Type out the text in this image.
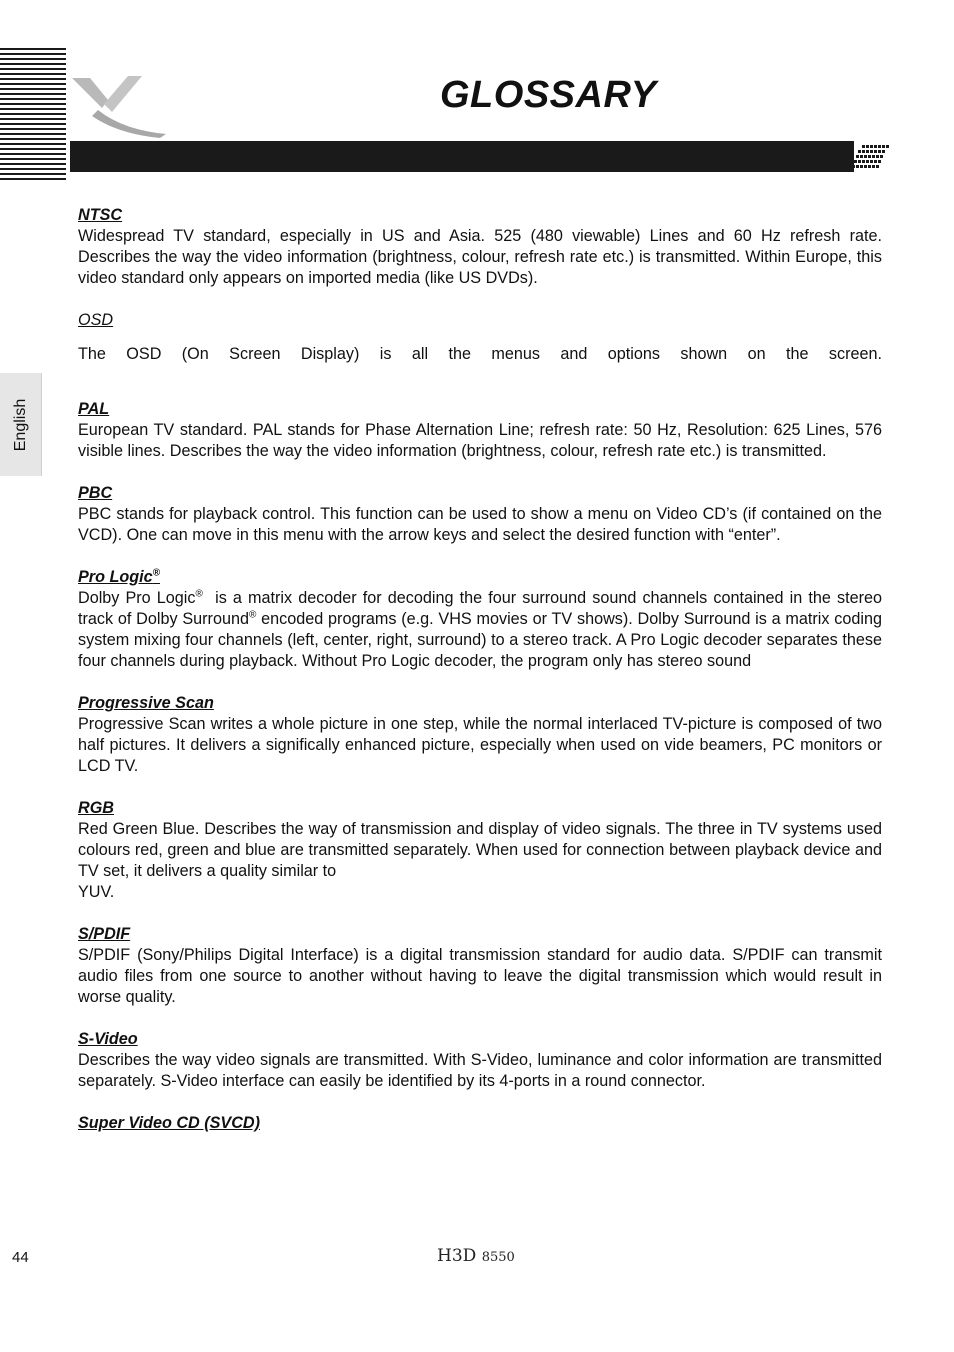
GLOSSARY
English
NTSC
Widespread TV standard, especially in US and Asia. 525 (480 viewable) Lines and 60 Hz refresh rate. Describes the way the video information (brightness, colour, refresh rate etc.) is transmitted. Within Europe, this video standard only appears on imported media (like US DVDs).
OSD
The OSD (On Screen Display) is all the menus and options shown on the screen.
PAL
European TV standard. PAL stands for Phase Alternation Line; refresh rate: 50 Hz, Resolution: 625 Lines, 576 visible lines. Describes the way the video information (brightness, colour, refresh rate etc.) is transmitted.
PBC
PBC stands for playback control. This function can be used to show a menu on Video CD’s (if contained on the VCD). One can move in this menu with the arrow keys and select the desired function with “enter”.
Pro Logic®
Dolby Pro Logic®  is a matrix decoder for decoding the four surround sound channels contained in the stereo track of Dolby Surround® encoded programs (e.g. VHS movies or TV shows). Dolby Surround is a matrix coding system mixing four channels (left, center, right, surround) to a stereo track. A Pro Logic decoder separates these four channels during playback. Without Pro Logic decoder, the program only has stereo sound
Progressive Scan
Progressive Scan writes a whole picture in one step, while the normal interlaced TV-picture is composed of two half pictures. It delivers a significally enhanced picture, especially when used on vide beamers, PC monitors or LCD TV.
RGB
Red Green Blue. Describes the way of transmission and display of video signals. The three in TV systems used colours red, green and blue are transmitted separately. When used for connection between playback device and TV set, it delivers a quality similar to
YUV.
S/PDIF
S/PDIF (Sony/Philips Digital Interface) is a digital transmission standard for audio data. S/PDIF can transmit audio files from one source to another without having to leave the digital transmission which would result in worse quality.
S-Video
Describes the way video signals are transmitted. With S-Video, luminance and color information are transmitted separately. S-Video interface can easily be identified by its 4-ports in a round connector.
Super Video CD (SVCD)
44	H3D 8550
